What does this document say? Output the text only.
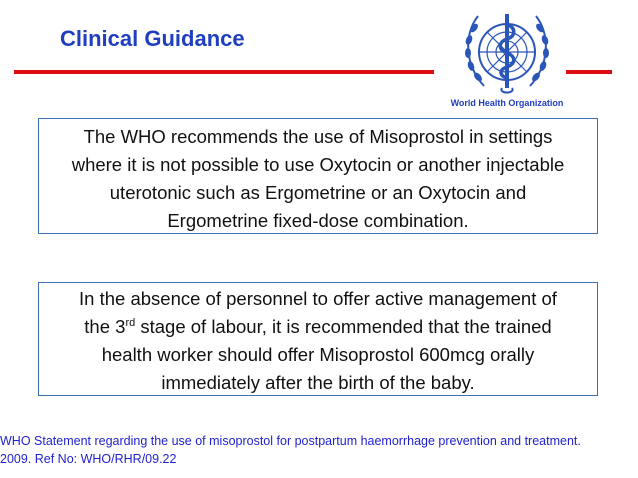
Clinical Guidance
World Health Organization

The WHO recommends the use of Misoprostol in settings

where it is not possible to use Oxytocin or another injectable

uterotonic such as Ergometrine or an Oxytocin and

Ergometrine fixed-dose combination.

In the absence of personnel to offer active management of

the 3rd stage of labour, it is recommended that the trained

health worker should offer Misoprostol 600mcg orally

immediately after the birth of the baby.

WHO Statement regarding the use of misoprostol for postpartum haemorrhage prevention and treatment.
2009. Ref No: WHO/RHR/09.22
